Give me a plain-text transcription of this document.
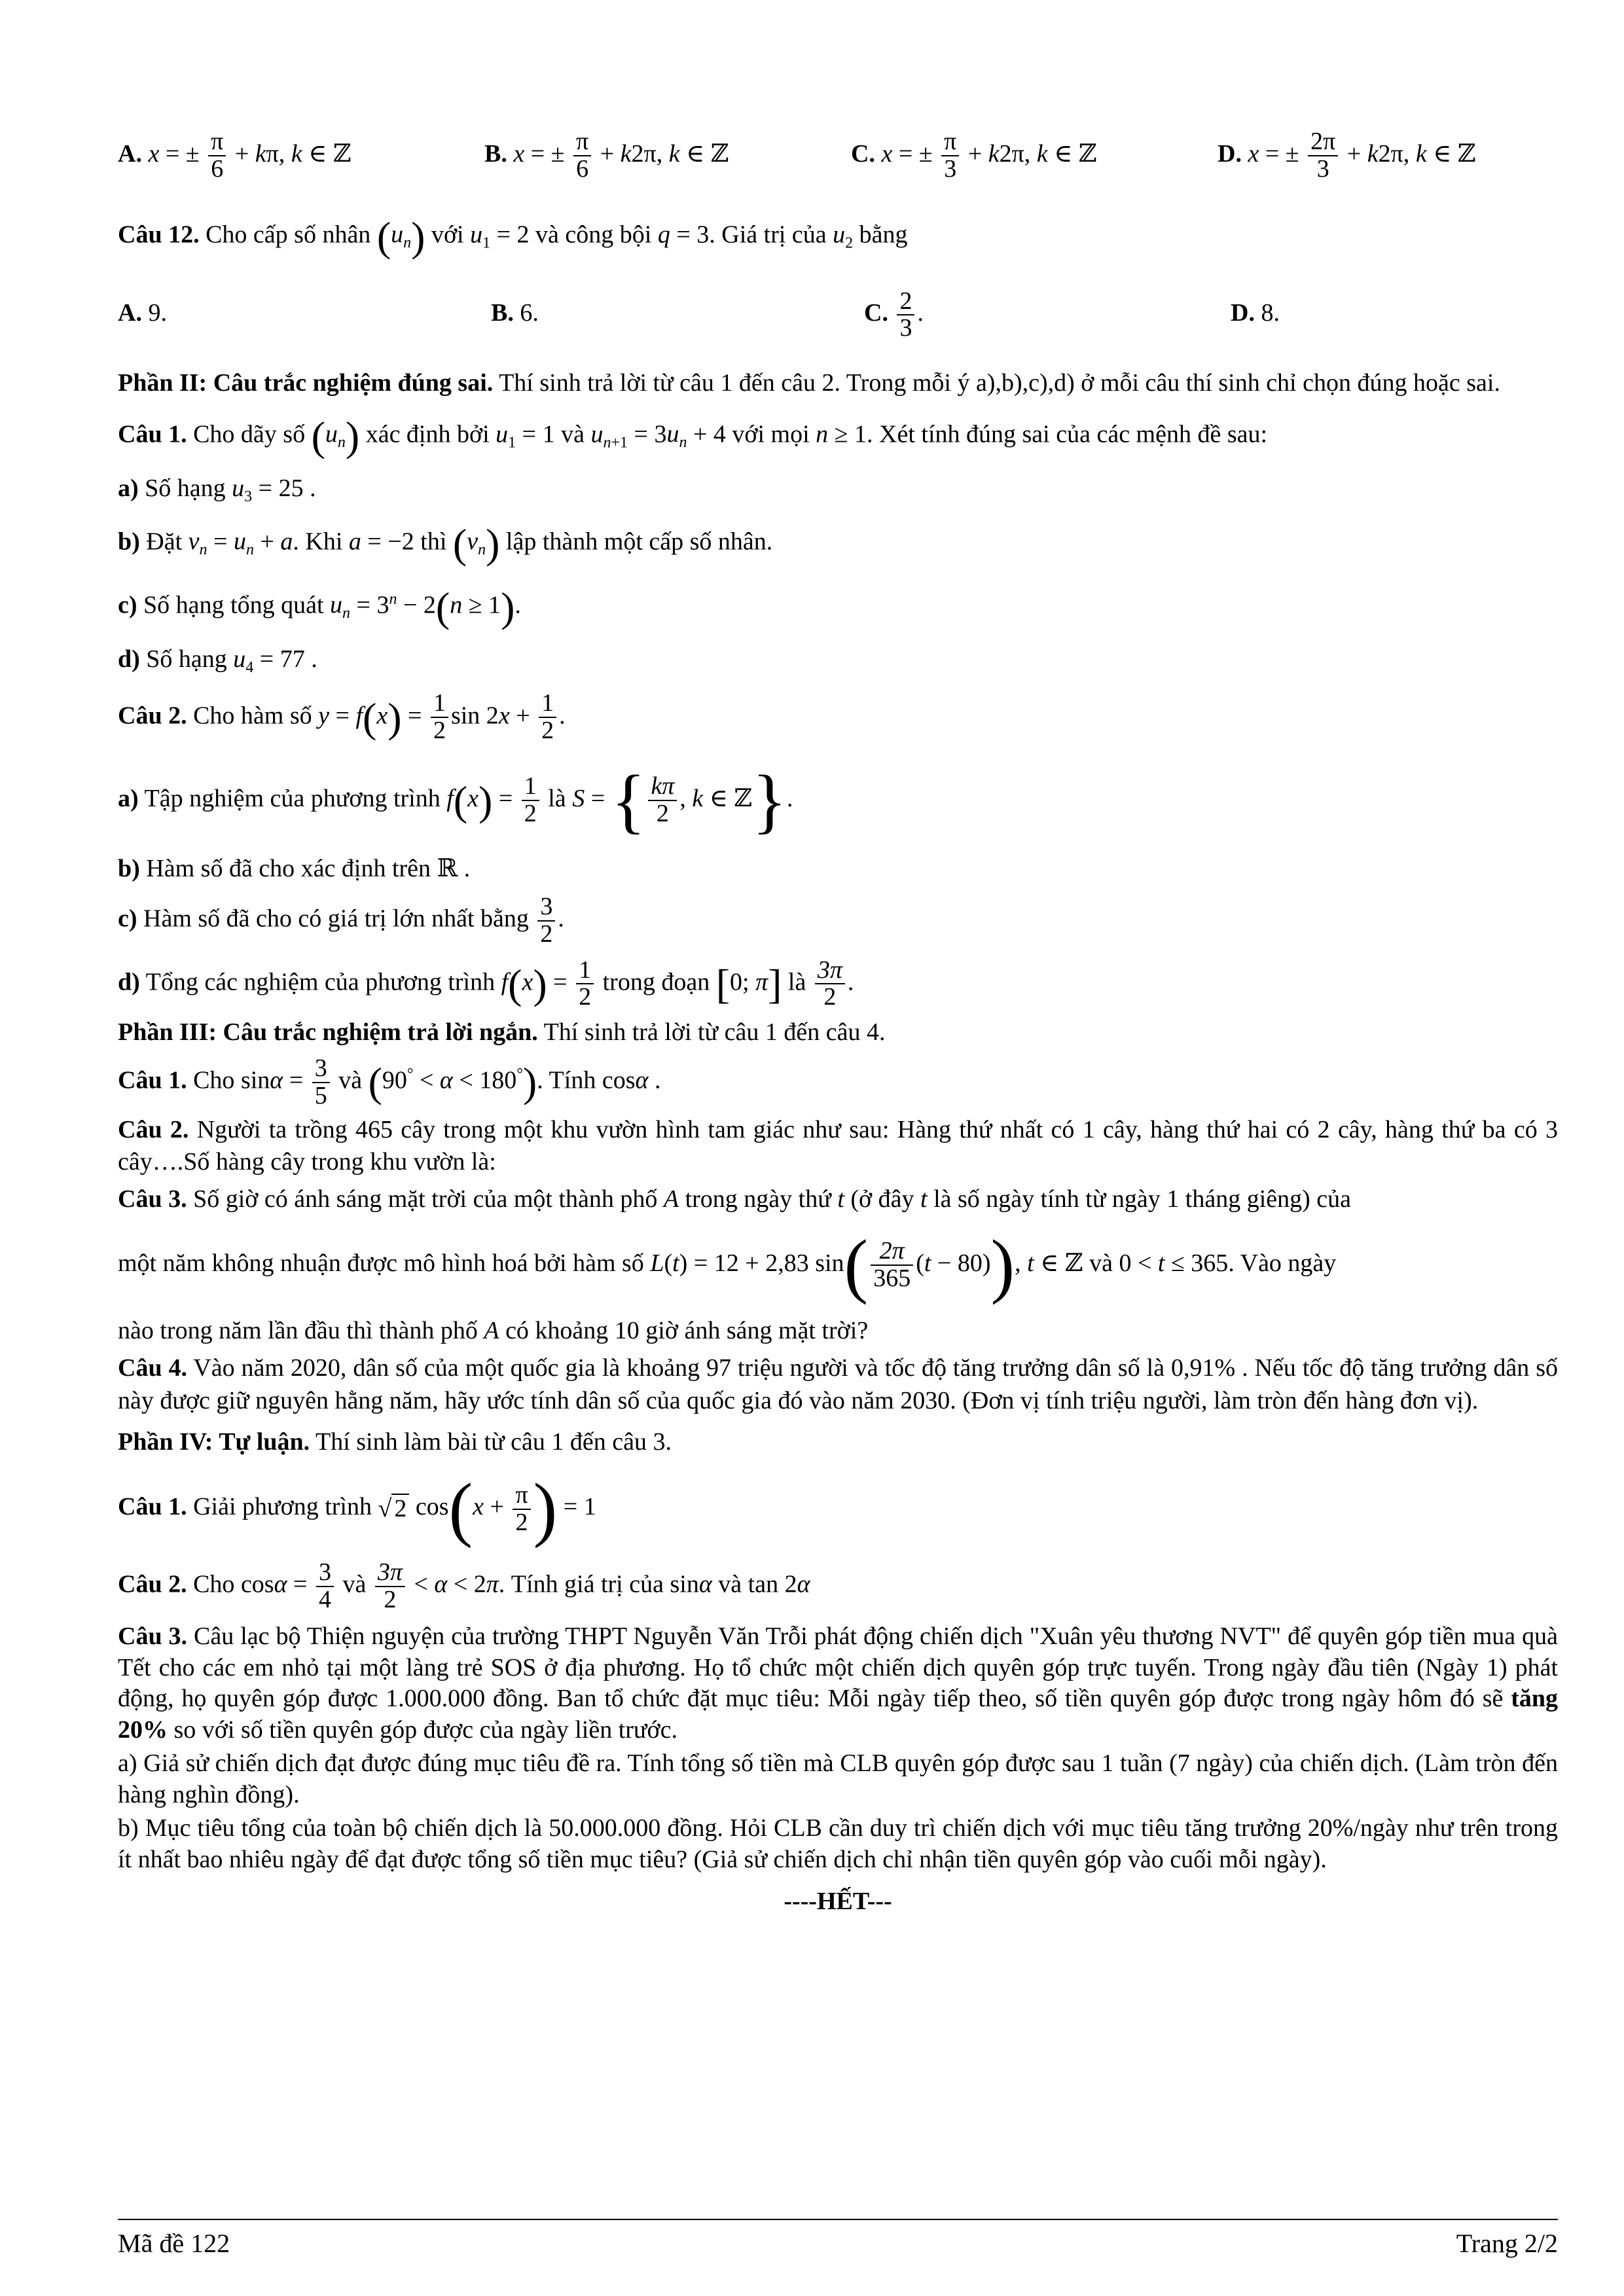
A. x = ± $\frac{\pi}{6} + k\pi$, k ∈ ℤ	B. x = ± $\frac{\pi}{6} + k2\pi$, k ∈ ℤ	C. x = ± $\frac{\pi}{3} + k2\pi$, k ∈ ℤ	D. x = ± $\frac{2\pi}{3} + k2\pi$, k ∈ ℤ

Câu 12. Cho cấp số nhân $(u_n)$ với $u_1 = 2$ và công bội q = 3. Giá trị của $u_2$ bằng

A. 9.	B. 6.	C. $\frac{2}{3}$ .	D. 8.

Phần II: Câu trắc nghiệm đúng sai. Thí sinh trả lời từ câu 1 đến câu 2. Trong mỗi ý a),b),c),d) ở mỗi câu thí sinh chỉ chọn đúng hoặc sai.

Câu 1. Cho dãy số $(u_n)$ xác định bởi $u_1 = 1$ và $u_{n+1} = 3u_n + 4$ với mọi n ≥ 1. Xét tính đúng sai của các mệnh đề sau:

a) Số hạng $u_3 = 25$ .

b) Đặt $v_n = u_n + a$. Khi a = −2 thì $(v_n)$ lập thành một cấp số nhân.

c) Số hạng tổng quát $u_n = 3^n - 2(n \ge 1)$.

d) Số hạng $u_4 = 77$ .

Câu 2. Cho hàm số $y = f(x) = \frac{1}{2}$ $\sin 2x + \frac{1}{2}$ .

a) Tập nghiệm của phương trình $f(x) = \frac{1}{2}$ là S = { $\frac{k\pi}{2}$ , k ∈ ℤ}.

b) Hàm số đã cho xác định trên ℝ .

c) Hàm số đã cho có giá trị lớn nhất bằng $\frac{3}{2}$ .

d) Tổng các nghiệm của phương trình $f(x) = \frac{1}{2}$ trong đoạn [0; π] là $\frac{3\pi}{2}$ .

Phần III: Câu trắc nghiệm trả lời ngắn. Thí sinh trả lời từ câu 1 đến câu 4.

Câu 1. Cho $\sin\alpha = \frac{3}{5}$ và (90° < α < 180°). Tính cosα .

Câu 2. Người ta trồng 465 cây trong một khu vườn hình tam giác như sau: Hàng thứ nhất có 1 cây, hàng thứ hai có 2 cây, hàng thứ ba có 3 cây….Số hàng cây trong khu vườn là:

Câu 3. Số giờ có ánh sáng mặt trời của một thành phố A trong ngày thứ t (ở đây t là số ngày tính từ ngày 1 tháng giêng) của

một năm không nhuận được mô hình hoá bởi hàm số L(t) = 12 + 2,83 $\sin( \frac{2\pi}{365} (t - 80))$, t ∈ ℤ và 0 < t ≤ 365. Vào ngày

nào trong năm lần đầu thì thành phố A có khoảng 10 giờ ánh sáng mặt trời?

Câu 4. Vào năm 2020, dân số của một quốc gia là khoảng 97 triệu người và tốc độ tăng trưởng dân số là 0,91% . Nếu tốc độ tăng trưởng dân số này được giữ nguyên hằng năm, hãy ước tính dân số của quốc gia đó vào năm 2030. (Đơn vị tính triệu người, làm tròn đến hàng đơn vị).

Phần IV: Tự luận. Thí sinh làm bài từ câu 1 đến câu 3.

Câu 1. Giải phương trình √ 2 $\cos(x + \frac{\pi}{2}$ ) = 1

Câu 2. Cho $\cos\alpha = \frac{3}{4}$ và $\frac{3\pi}{2} < \alpha < 2\pi$. Tính giá trị của sinα và tan 2α

Câu 3. Câu lạc bộ Thiện nguyện của trường THPT Nguyễn Văn Trỗi phát động chiến dịch "Xuân yêu thương NVT" để quyên góp tiền mua quà Tết cho các em nhỏ tại một làng trẻ SOS ở địa phương. Họ tổ chức một chiến dịch quyên góp trực tuyến. Trong ngày đầu tiên (Ngày 1) phát động, họ quyên góp được 1.000.000 đồng. Ban tổ chức đặt mục tiêu: Mỗi ngày tiếp theo, số tiền quyên góp được trong ngày hôm đó sẽ tăng 20% so với số tiền quyên góp được của ngày liền trước.

a) Giả sử chiến dịch đạt được đúng mục tiêu đề ra. Tính tổng số tiền mà CLB quyên góp được sau 1 tuần (7 ngày) của chiến dịch. (Làm tròn đến hàng nghìn đồng).

b) Mục tiêu tổng của toàn bộ chiến dịch là 50.000.000 đồng. Hỏi CLB cần duy trì chiến dịch với mục tiêu tăng trưởng 20%/ngày như trên trong ít nhất bao nhiêu ngày để đạt được tổng số tiền mục tiêu? (Giả sử chiến dịch chỉ nhận tiền quyên góp vào cuối mỗi ngày).

----HẾT---

Mã đề 122	Trang 2/2
